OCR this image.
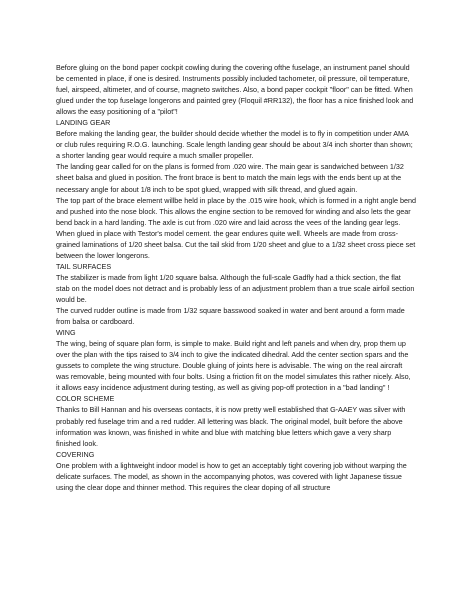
Before gluing on the bond paper cockpit cowling during the covering ofthe fuselage, an instrument panel should be cemented in place, if one is desired. Instruments possibly included tachometer, oil pressure, oil temperature, fuel, airspeed, altimeter, and of course, magneto switches. Also, a bond paper cockpit "floor" can be fitted. When glued under the top fuselage longerons and painted grey (Floquil #RR132), the floor has a nice finished look and allows the easy positioning of a "pilot"!

LANDING GEAR

Before making the landing gear, the builder should decide whether the model is to fly in competition under AMA or club rules requiring R.O.G. launching. Scale length landing gear should be about 3/4 inch shorter than shown; a shorter landing gear would require a much smaller propeller.

The landing gear called for on the plans is formed from .020 wire. The main gear is sandwiched between 1/32 sheet balsa and glued in position. The front brace is bent to match the main legs with the ends bent up at the necessary angle for about 1/8 inch to be spot glued, wrapped with silk thread, and glued again.

The top part of the brace element willbe held in place by the .015 wire hook, which is formed in a right angle bend and pushed into the nose block. This allows the engine section to be removed for winding and also lets the gear bend back in a hard landing. The axle is cut from .020 wire and laid across the vees of the landing gear legs. When glued in place with Testor's model cement. the gear endures quite well. Wheels are made from cross-grained laminations of 1/20 sheet balsa. Cut the tail skid from 1/20 sheet and glue to a 1/32 sheet cross piece set between the lower longerons.

TAIL SURFACES

The stabilizer is made from light 1/20 square balsa. Although the full-scale Gadfly had a thick section, the flat stab on the model does not detract and is probably less of an adjustment problem than a true scale airfoil section would be.

The curved rudder outline is made from 1/32 square basswood soaked in water and bent around a form made from balsa or cardboard.

WING

The wing, being of square plan form, is simple to make. Build right and left panels and when dry, prop them up over the plan with the tips raised to 3/4 inch to give the indicated dihedral. Add the center section spars and the gussets to complete the wing structure. Double gluing of joints here is advisable. The wing on the real aircraft was removable, being mounted with four bolts. Using a friction fit on the model simulates this rather nicely. Also, it allows easy incidence adjustment during testing, as well as giving pop-off protection in a "bad landing" !

COLOR SCHEME

Thanks to Bill Hannan and his overseas contacts, it is now pretty well established that G-AAEY was silver with probably red fuselage trim and a red rudder. All lettering was black. The original model, built before the above information was known, was finished in white and blue with matching blue letters which gave a very sharp finished look.

COVERING

One problem with a lightweight indoor model is how to get an acceptably tight covering job without warping the delicate surfaces. The model, as shown in the accompanying photos, was covered with light Japanese tissue using the clear dope and thinner method. This requires the clear doping of all structure
